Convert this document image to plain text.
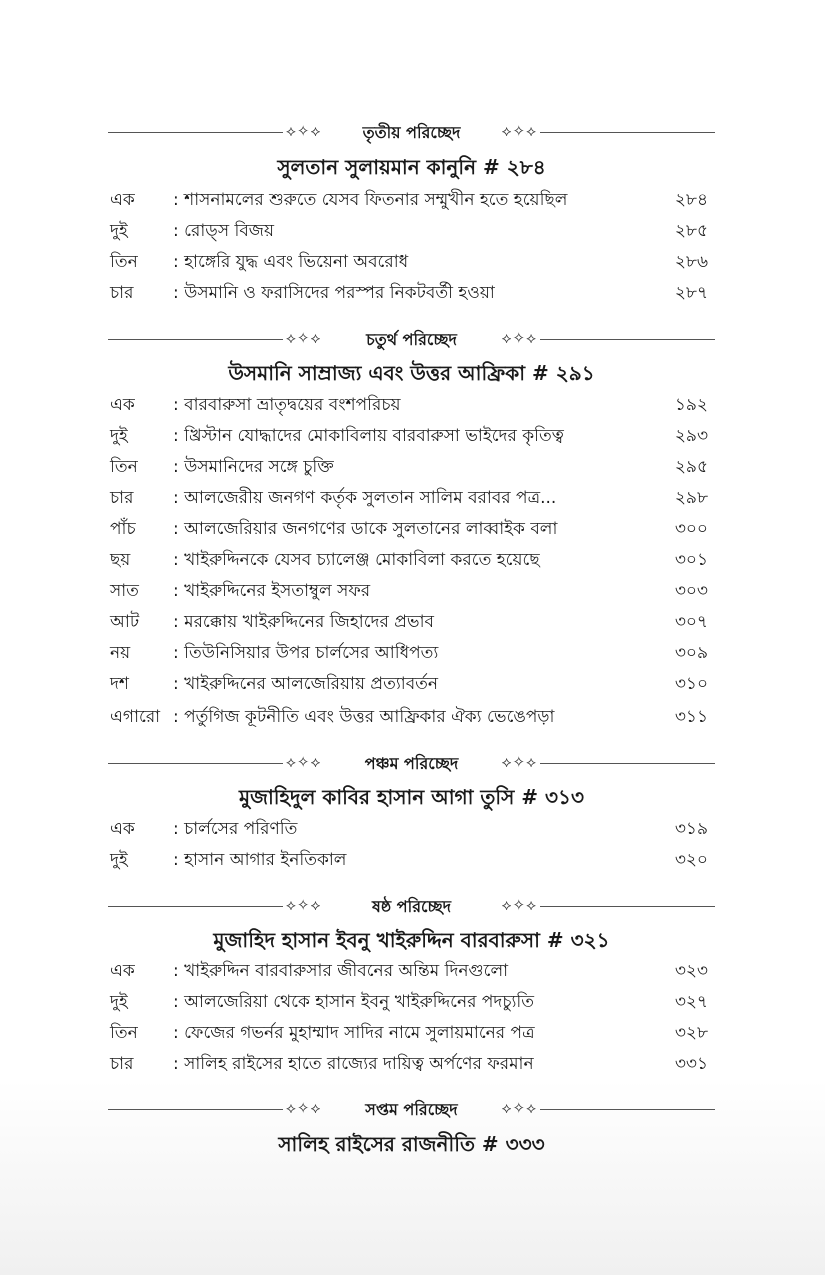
⟡✧⟡	তৃতীয় পরিচ্ছেদ	⟡✧⟡
সুলতান সুলায়মান কানুনি # ২৮৪
এক : শাসনামলের শুরুতে যেসব ফিতনার সম্মুখীন হতে হয়েছিল	২৮৪
দুই	: রোড্‌স বিজয়	২৮৫
তিন : হাঙ্গেরি যুদ্ধ এবং ভিয়েনা অবরোধ	২৮৬
চার : উসমানি ও ফরাসিদের পরস্পর নিকটবর্তী হওয়া	২৮৭
⟡✧⟡	চতুর্থ পরিচ্ছেদ	⟡✧⟡
উসমানি সাম্রাজ্য এবং উত্তর আফ্রিকা # ২৯১
এক : বারবারুসা ভ্রাতৃদ্বয়ের বংশপরিচয়	১৯২
দুই	: খ্রিস্টান যোদ্ধাদের মোকাবিলায় বারবারুসা ভাইদের কৃতিত্ব	২৯৩
তিন : উসমানিদের সঙ্গে চুক্তি	২৯৫
চার : আলজেরীয় জনগণ কর্তৃক সুলতান সালিম বরাবর পত্র...	২৯৮
পাঁচ : আলজেরিয়ার জনগণের ডাকে সুলতানের লাব্বাইক বলা	৩০০
ছয়	: খাইরুদ্দিনকে যেসব চ্যালেঞ্জ মোকাবিলা করতে হয়েছে	৩০১
সাত : খাইরুদ্দিনের ইসতাম্বুল সফর	৩০৩
আট : মরক্কোয় খাইরুদ্দিনের জিহাদের প্রভাব	৩০৭
নয়	: তিউনিসিয়ার উপর চার্লসের আধিপত্য	৩০৯
দশ	: খাইরুদ্দিনের আলজেরিয়ায় প্রত্যাবর্তন	৩১০
এগারো : পর্তুগিজ কূটনীতি এবং উত্তর আফ্রিকার ঐক্য ভেঙেপড়া	৩১১
⟡✧⟡	পঞ্চম পরিচ্ছেদ	⟡✧⟡
মুজাহিদুল কাবির হাসান আগা তুসি # ৩১৩
এক : চার্লসের পরিণতি	৩১৯
দুই	: হাসান আগার ইনতিকাল	৩২০
⟡✧⟡	ষষ্ঠ পরিচ্ছেদ	⟡✧⟡
মুজাহিদ হাসান ইবনু খাইরুদ্দিন বারবারুসা # ৩২১
এক : খাইরুদ্দিন বারবারুসার জীবনের অন্তিম দিনগুলো	৩২৩
দুই	: আলজেরিয়া থেকে হাসান ইবনু খাইরুদ্দিনের পদচ্যুতি	৩২৭
তিন : ফেজের গভর্নর মুহাম্মাদ সাদির নামে সুলায়মানের পত্র	৩২৮
চার : সালিহ রাইসের হাতে রাজ্যের দায়িত্ব অর্পণের ফরমান	৩৩১
⟡✧⟡	সপ্তম পরিচ্ছেদ	⟡✧⟡
সালিহ রাইসের রাজনীতি # ৩৩৩
